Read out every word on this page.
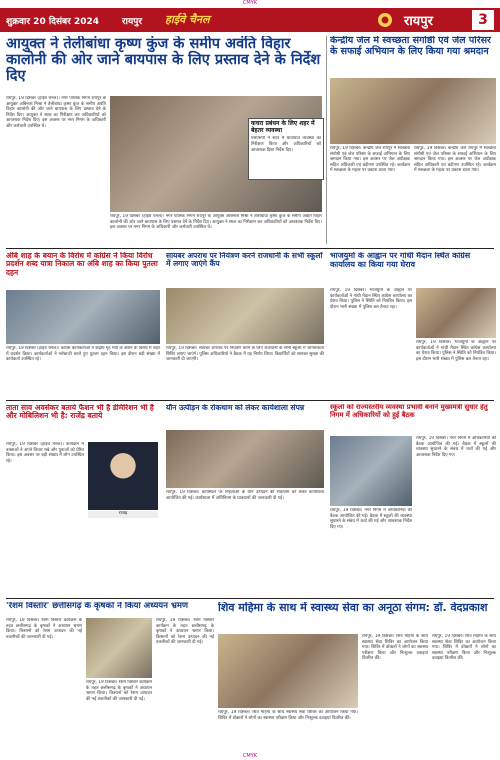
CMYK
शुक्रवार 20 दिसंबर 2024	रायपुर हाईवे चैनल	रायपुर	3
आयुक्त ने तेलीबांधा कृष्ण कुंज के समीप अवंति विहार कालोनी की ओर जाने बायपास के लिए प्रस्ताव देने के निर्देश दिए
रायपुर, 19 दिसंबर (हाईवे चैनल)। नगर पालिक निगम रायपुर के आयुक्त अबिनाश मिश्रा ने तेलीबांधा कृष्ण कुंज के समीप अवंति विहार कालोनी की ओर जाने बायपास के लिए प्रस्ताव देने के निर्देश दिए। आयुक्त ने स्थल का निरीक्षण कर अधिकारियों को आवश्यक निर्देश दिए। इस अवसर पर नगर निगम के अधिकारी और कर्मचारी उपस्थित थे।
रायपुर, 19 दिसंबर (हाईवे चैनल)। नगर पालिक निगम रायपुर के आयुक्त अबिनाश मिश्रा ने तेलीबांधा कृष्ण कुंज के समीप अवंति विहार कालोनी की ओर जाने बायपास के लिए प्रस्ताव देने के निर्देश दिए। आयुक्त ने स्थल का निरीक्षण कर अधिकारियों को आवश्यक निर्देश दिए। इस अवसर पर नगर निगम के अधिकारी और कर्मचारी उपस्थित थे।
कचरा प्रबंधन के लिए शहर में बेहतर व्यवस्था
एसएसपी ने शहर में यातायात व्यवस्था का निरीक्षण किया और अधिकारियों को आवश्यक दिशा निर्देश दिए।
केन्द्रीय जेल में स्वच्छता संगोष्ठी एवं जेल परिसर के सफाई अभियान के लिए किया गया श्रमदान
रायपुर, 19 दिसंबर। केन्द्रीय जेल रायपुर में स्वच्छता संगोष्ठी एवं जेल परिसर के सफाई अभियान के लिए श्रमदान किया गया। इस अवसर पर जेल अधीक्षक सहित अधिकारी एवं बंदीगण उपस्थित रहे। कार्यक्रम में स्वच्छता के महत्व पर प्रकाश डाला गया।
रायपुर, 19 दिसंबर। केन्द्रीय जेल रायपुर में स्वच्छता संगोष्ठी एवं जेल परिसर के सफाई अभियान के लिए श्रमदान किया गया। इस अवसर पर जेल अधीक्षक सहित अधिकारी एवं बंदीगण उपस्थित रहे। कार्यक्रम में स्वच्छता के महत्व पर प्रकाश डाला गया।
अंबि शाह के बयान के विरोध में कांग्रेस ने किया विरोध प्रदर्शन शब्द यात्रा निकाल का अंबि शाह का किया पुतला दहन
रायपुर, 19 दिसंबर (हाईवे चैनल)। कांग्रेस कार्यकर्ताओं ने केंद्रीय गृह मंत्री के बयान के विरोध में शहर में प्रदर्शन किया। कार्यकर्ताओं ने नारेबाजी करते हुए पुतला दहन किया। इस दौरान बड़ी संख्या में कार्यकर्ता उपस्थित रहे।
सायबर अपराध पर नियंत्रण करने राजधानी के सभी स्कूलों में लगाए जाएंगे कैंप
रायपुर, 19 दिसंबर। सायबर अपराध पर नियंत्रण करने के लिए राजधानी के सभी स्कूलों में जागरूकता शिविर लगाए जाएंगे। पुलिस अधिकारियों ने बैठक में यह निर्णय लिया। विद्यार्थियों को सायबर सुरक्षा की जानकारी दी जाएगी।
भाजयुमो के आह्वान पर गांधी मैदान स्थित कांग्रेस कार्यालय का किया गया घेराव
रायपुर, 19 दिसंबर। भाजयुमो के आह्वान पर कार्यकर्ताओं ने गांधी मैदान स्थित कांग्रेस कार्यालय का घेराव किया। पुलिस ने स्थिति को नियंत्रित किया। इस दौरान भारी संख्या में पुलिस बल तैनात रहा।
रायपुर, 19 दिसंबर। भाजयुमो के आह्वान पर कार्यकर्ताओं ने गांधी मैदान स्थित कांग्रेस कार्यालय का घेराव किया। पुलिस ने स्थिति को नियंत्रित किया। इस दौरान भारी संख्या में पुलिस बल तैनात रहा।
ताता साव अवसेकर बताये फैशन भी है डेमिरिशन भी है और मोबिलिशन भी है: राजेंद्र बताये
राजेंद्र
रायपुर, 19 दिसंबर (हाईवे चैनल)। कार्यक्रम में वक्ताओं ने अपने विचार रखे और युवाओं को प्रेरित किया। इस अवसर पर बड़ी संख्या में लोग उपस्थित रहे।
यौन उत्पीड़न के रोकथाम को लेकर कार्यशाला संपन्न
रायपुर, 19 दिसंबर। कार्यस्थल पर महिलाओं के यौन उत्पीड़न की रोकथाम को लेकर कार्यशाला आयोजित की गई। कार्यशाला में अधिनियम के प्रावधानों की जानकारी दी गई।
स्कूलों को राज्यस्तरीय व्यवस्था प्रभावी बनाने मुख्यमंत्री सुधार हेतु निगम में अधिकारियों को हुई बैठक
रायपुर, 19 दिसंबर। नगर निगम में अधिकारियों की बैठक आयोजित की गई। बैठक में स्कूलों की व्यवस्था सुधारने के संबंध में चर्चा की गई और आवश्यक निर्देश दिए गए।
रायपुर, 19 दिसंबर। नगर निगम में अधिकारियों की बैठक आयोजित की गई। बैठक में स्कूलों की व्यवस्था सुधारने के संबंध में चर्चा की गई और आवश्यक निर्देश दिए गए।
'रेशम विस्तार' छत्तीसगढ़ के कृषकों ने किया अध्ययन भ्रमण
रायपुर, 19 दिसंबर। रेशम विस्तार कार्यक्रम के तहत छत्तीसगढ़ के कृषकों ने अध्ययन भ्रमण किया। किसानों को रेशम उत्पादन की नई तकनीकों की जानकारी दी गई।
रायपुर, 19 दिसंबर। रेशम विस्तार कार्यक्रम के तहत छत्तीसगढ़ के कृषकों ने अध्ययन भ्रमण किया। किसानों को रेशम उत्पादन की नई तकनीकों की जानकारी दी गई।
रायपुर, 19 दिसंबर। रेशम विस्तार कार्यक्रम के तहत छत्तीसगढ़ के कृषकों ने अध्ययन भ्रमण किया। किसानों को रेशम उत्पादन की नई तकनीकों की जानकारी दी गई।
शिव महिमा के साथ में स्वास्थ्य सेवा का अनूठा संगम: डॉ. वेदप्रकाश
रायपुर, 19 दिसंबर। शिव महिमा के साथ स्वास्थ्य सेवा शिविर का आयोजन किया गया। शिविर में डॉक्टरों ने लोगों का स्वास्थ्य परीक्षण किया और निःशुल्क दवाइयां वितरित कीं।
रायपुर, 19 दिसंबर। शिव महिमा के साथ स्वास्थ्य सेवा शिविर का आयोजन किया गया। शिविर में डॉक्टरों ने लोगों का स्वास्थ्य परीक्षण किया और निःशुल्क दवाइयां वितरित कीं।
रायपुर, 19 दिसंबर। शिव महिमा के साथ स्वास्थ्य सेवा शिविर का आयोजन किया गया। शिविर में डॉक्टरों ने लोगों का स्वास्थ्य परीक्षण किया और निःशुल्क दवाइयां वितरित कीं।
CMYK
